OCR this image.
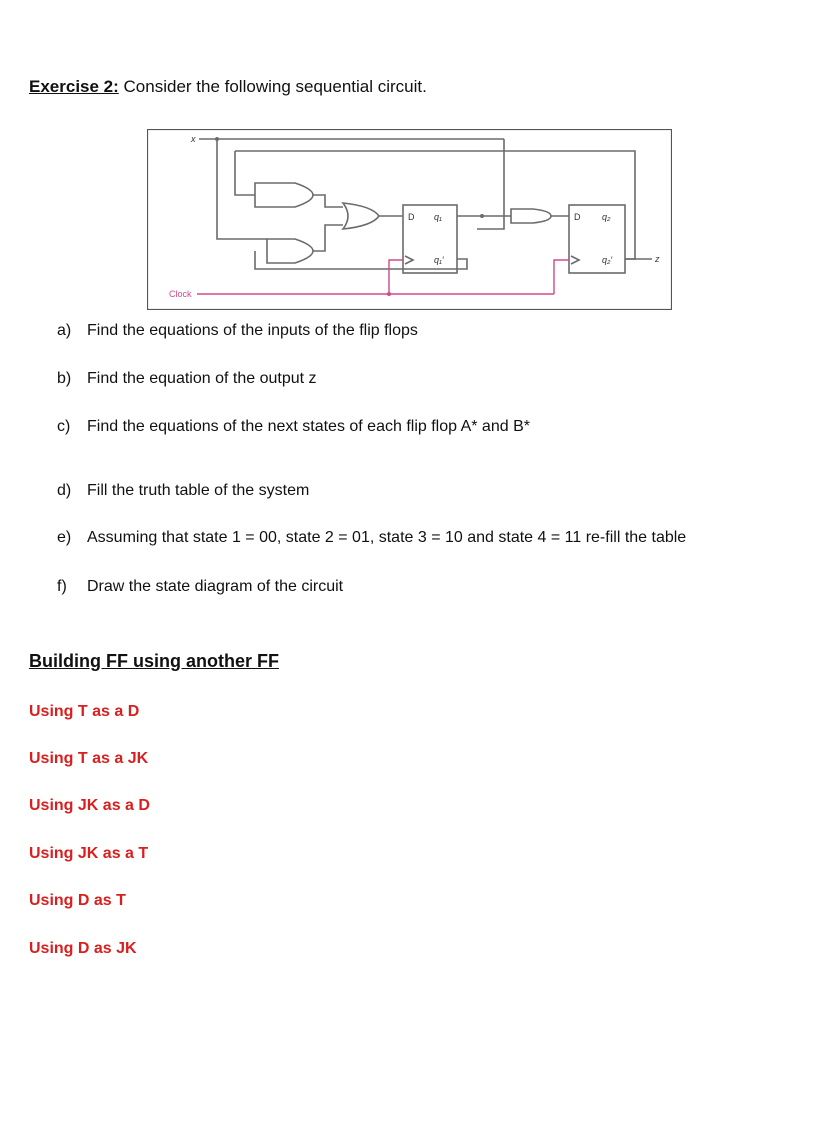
Exercise 2: Consider the following sequential circuit.
x
Clock
D q₁
q₁′
D q₂
q₂′	z
a) Find the equations of the inputs of the flip flops
b) Find the equation of the output z
c) Find the equations of the next states of each flip flop A* and B*
d) Fill the truth table of the system
e) Assuming that state 1 = 00, state 2 = 01, state 3 = 10 and state 4 = 11 re-fill the table
f) Draw the state diagram of the circuit
Building FF using another FF
Using T as a D
Using T as a JK
Using JK as a D
Using JK as a T
Using D as T
Using D as JK
